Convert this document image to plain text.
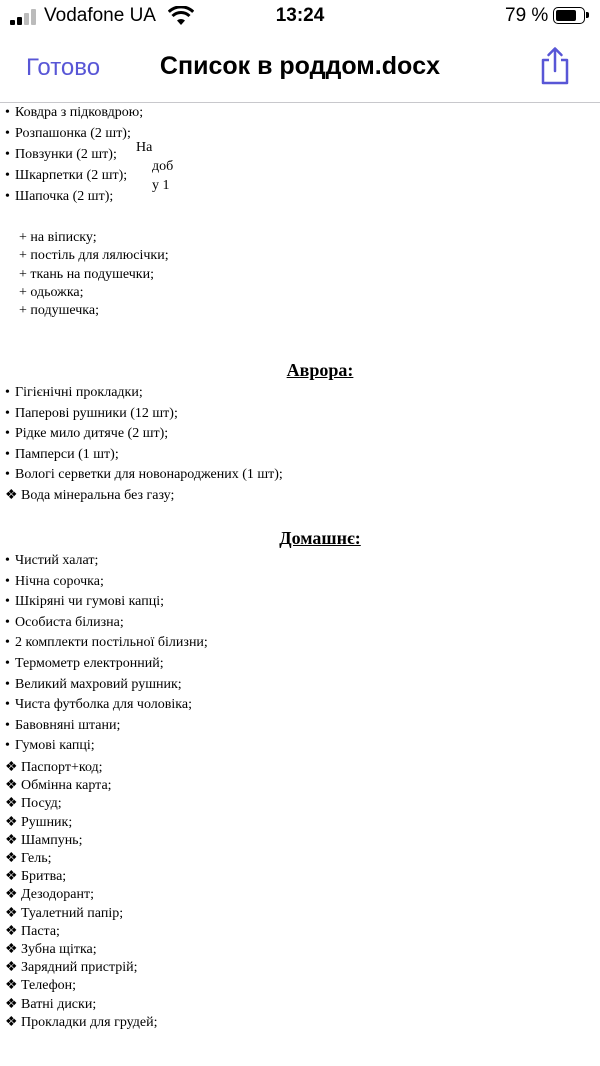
Vodafone UA	13:24	79 %
Готово	Список в роддом.docx
• Ковдра з підковдрою;
• Розпашонка (2 шт);
• Повзунки (2 шт);
• Шкарпетки (2 шт);
• Шапочка (2 шт);
На
доб
у 1
+ на віписку;
+ постіль для лялюсічки;
+ ткань на подушечки;
+ одьожка;
+ подушечка;
Аврора:
• Гігієнічні прокладки;
• Паперові рушники (12 шт);
• Рідке мило дитяче (2 шт);
• Памперси (1 шт);
• Вологі серветки для новонароджених (1 шт);
❖ Вода мінеральна без газу;
Домашнє:
• Чистий халат;
• Нічна сорочка;
• Шкіряні чи гумові капці;
• Особиста білизна;
• 2 комплекти постільної білизни;
• Термометр електронний;
• Великий махровий рушник;
• Чиста футболка для чоловіка;
• Бавовняні штани;
• Гумові капці;
❖ Паспорт+код;
❖ Обмінна карта;
❖ Посуд;
❖ Рушник;
❖ Шампунь;
❖ Гель;
❖ Бритва;
❖ Дезодорант;
❖ Туалетний папір;
❖ Паста;
❖ Зубна щітка;
❖ Зарядний пристрій;
❖ Телефон;
❖ Ватні диски;
❖ Прокладки для грудей;
